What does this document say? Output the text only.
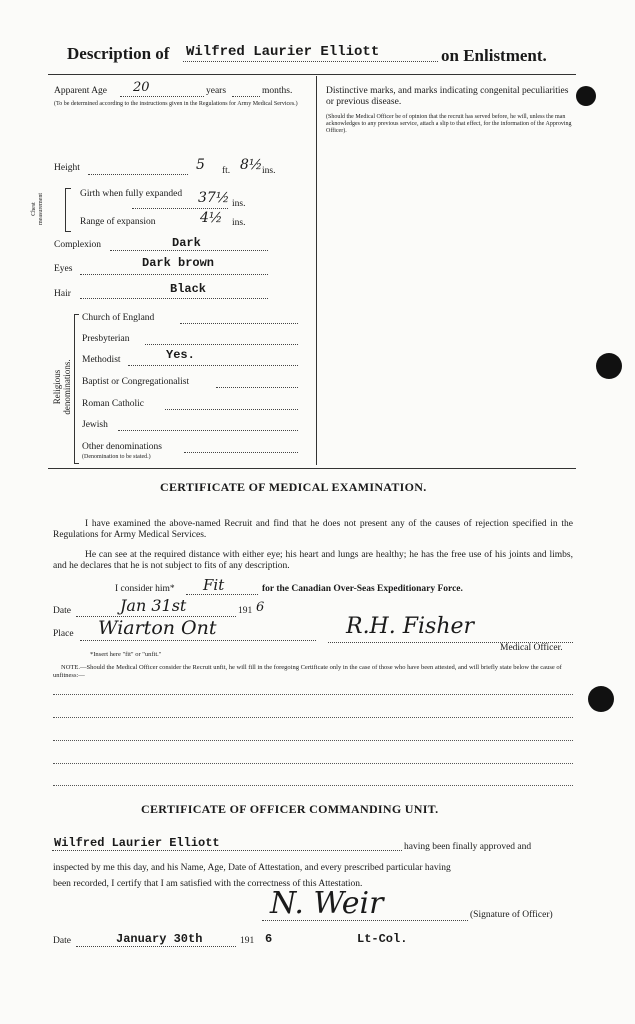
Description of Wilfred Laurier Elliott	on Enlistment.
Apparent Age 20	years	months.
(To be determined according to the instructions given in the Regulations for Army Medical Services.)
Height	5 ft. 8½ ins.
Chest measurement	Girth when fully expanded 37½ ins.
Range of expansion	4½ ins.
Complexion	Dark
Eyes	Dark brown
Hair	Black
Religious denominations.
Church of England
Presbyterian
Methodist	Yes.
Baptist or Congregationalist
Roman Catholic
Jewish
Other denominations
(Denomination to be stated.)
Distinctive marks, and marks indicating congenital peculiarities or previous disease.
(Should the Medical Officer be of opinion that the recruit has served before, he will, unless the man acknowledges to any previous service, attach a slip to that effect, for the information of the Approving Officer).
CERTIFICATE OF MEDICAL EXAMINATION.
I have examined the above-named Recruit and find that he does not present any of the causes of rejection specified in the Regulations for Army Medical Services.
He can see at the required distance with either eye; his heart and lungs are healthy; he has the free use of his joints and limbs, and he declares that he is not subject to fits of any description.
I consider him* Fit	for the Canadian Over-Seas Expeditionary Force.
Date	Jan 31st	191 6
Place Wiarton Ont	R.H. Fisher
Medical Officer.
*Insert here "fit" or "unfit."
NOTE.—Should the Medical Officer consider the Recruit unfit, he will fill in the foregoing Certificate only in the case of those who have been attested, and will briefly state below the cause of unfitness:—
CERTIFICATE OF OFFICER COMMANDING UNIT.
Wilfred Laurier Elliott	having been finally approved and
inspected by me this day, and his Name, Age, Date of Attestation, and every prescribed particular having
been recorded, I certify that I am satisfied with the correctness of this Attestation.
N. Weir	(Signature of Officer)
Date	January 30th	191 6	Lt-Col.
